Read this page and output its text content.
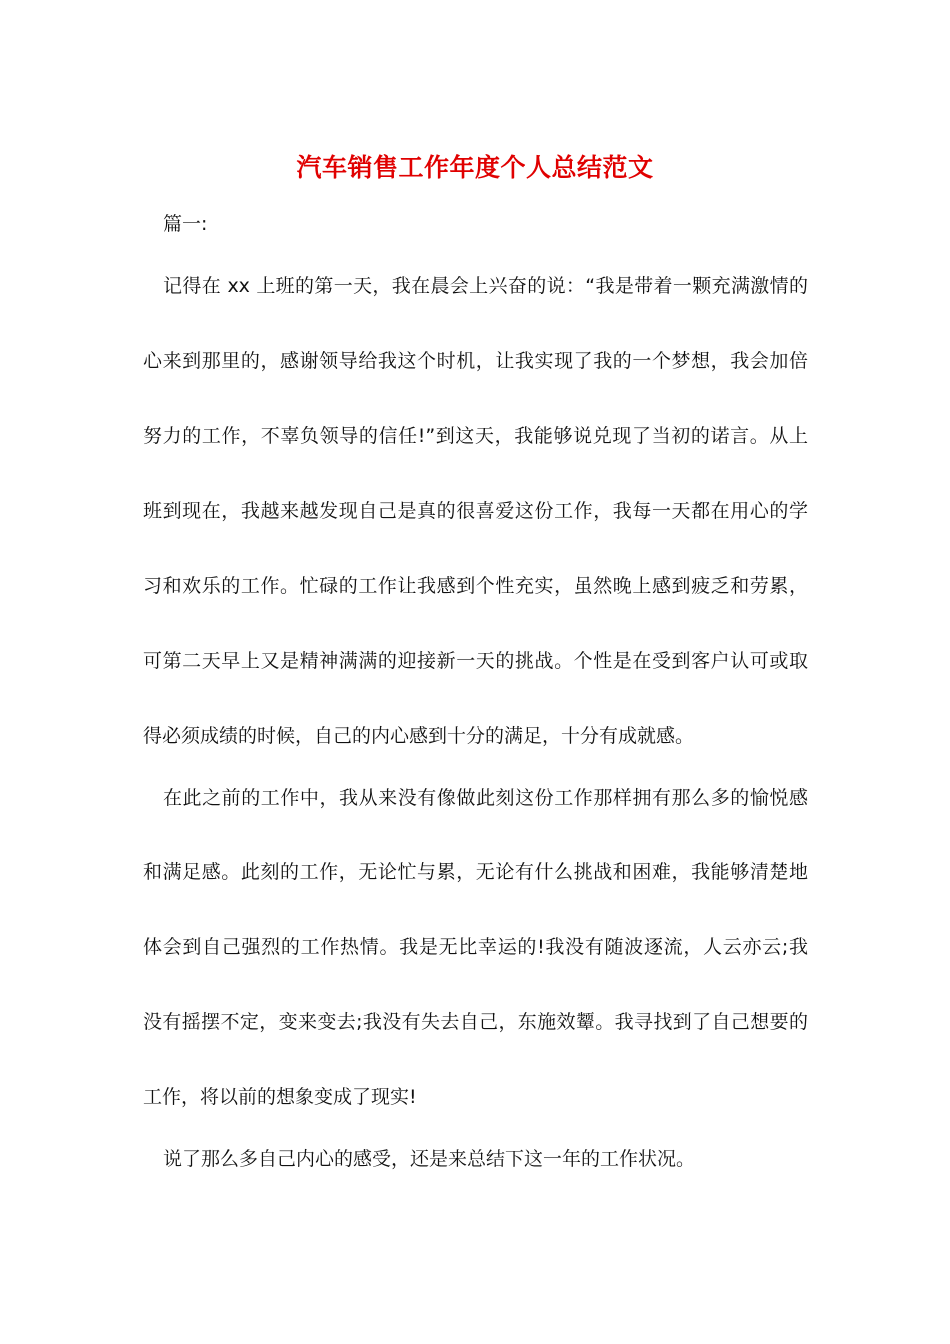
汽车销售工作年度个人总结范文
篇一:
记得在 xx 上班的第一天，我在晨会上兴奋的说：“我是带着一颗充满激情的
心来到那里的，感谢领导给我这个时机，让我实现了我的一个梦想，我会加倍
努力的工作，不辜负领导的信任!”到这天，我能够说兑现了当初的诺言。从上
班到现在，我越来越发现自己是真的很喜爱这份工作，我每一天都在用心的学
习和欢乐的工作。忙碌的工作让我感到个性充实，虽然晚上感到疲乏和劳累，
可第二天早上又是精神满满的迎接新一天的挑战。个性是在受到客户认可或取
得必须成绩的时候，自己的内心感到十分的满足，十分有成就感。
在此之前的工作中，我从来没有像做此刻这份工作那样拥有那么多的愉悦感
和满足感。此刻的工作，无论忙与累，无论有什么挑战和困难，我能够清楚地
体会到自己强烈的工作热情。我是无比幸运的!我没有随波逐流，人云亦云;我
没有摇摆不定，变来变去;我没有失去自己，东施效颦。我寻找到了自己想要的
工作，将以前的想象变成了现实!
说了那么多自己内心的感受，还是来总结下这一年的工作状况。
